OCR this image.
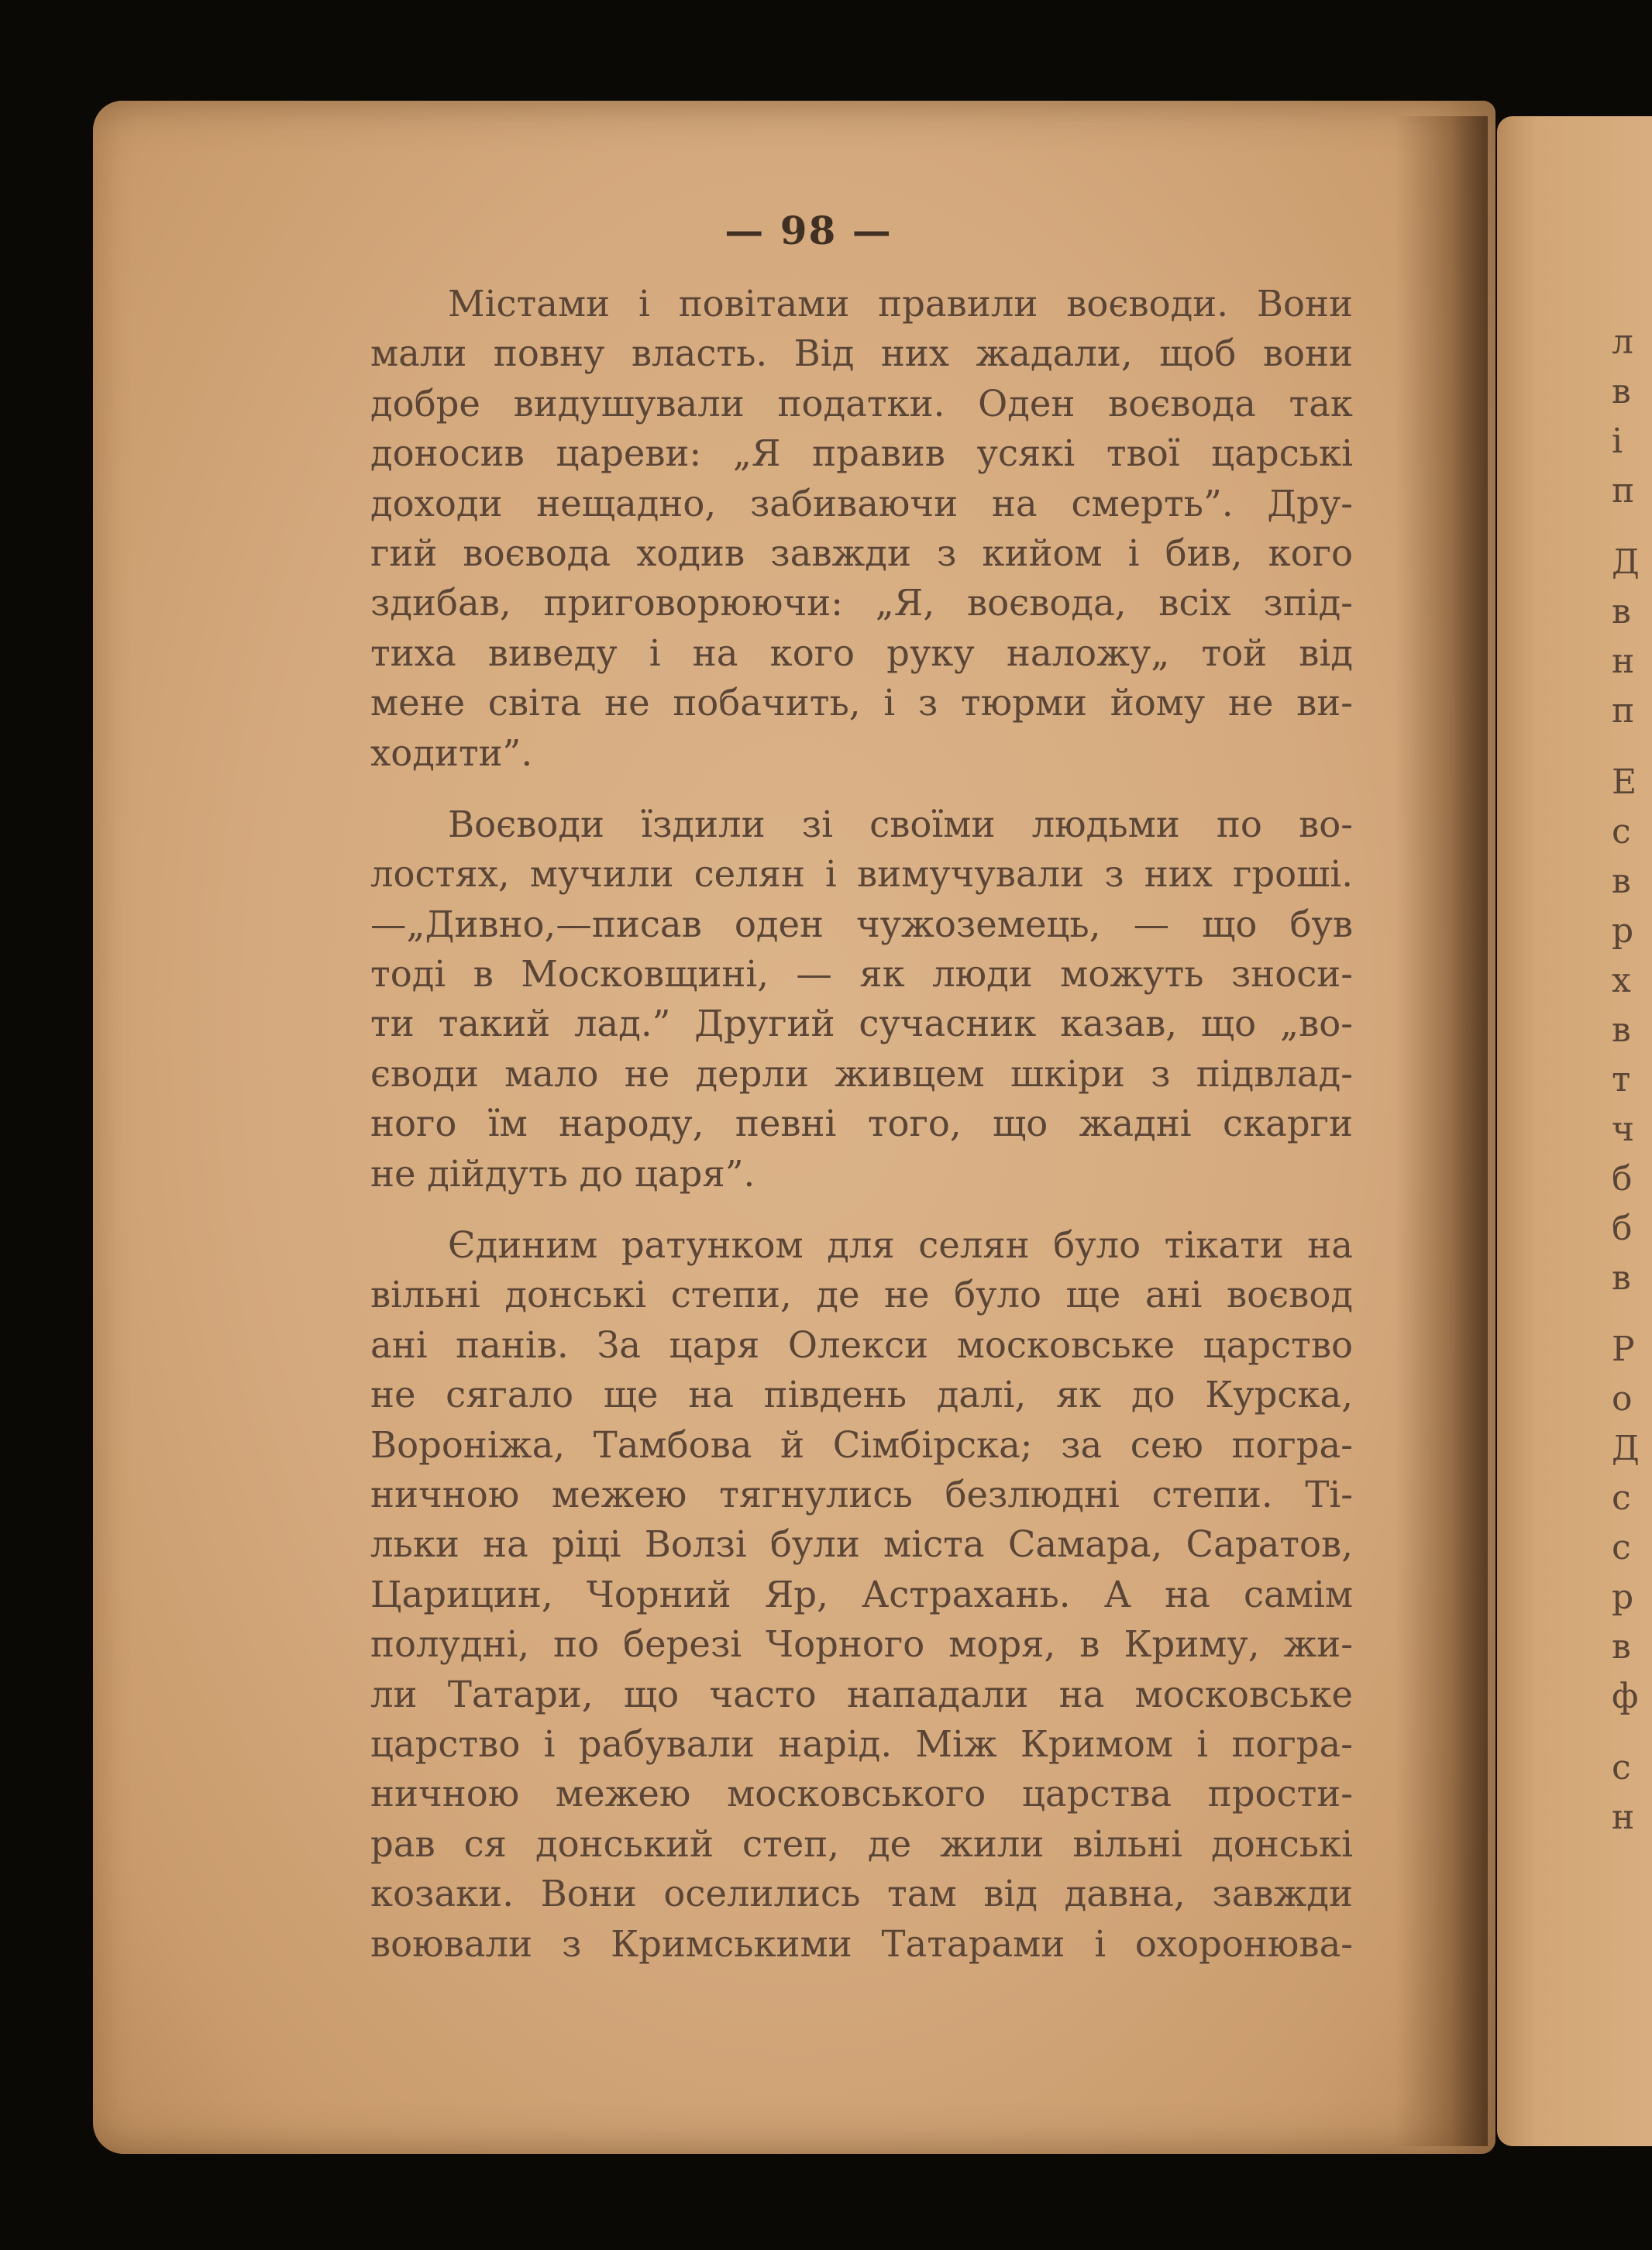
— 98 —
Містами і повітами правили воєводи. Вони
мали повну власть. Від них жадали, щоб вони
добре видушували податки. Оден воєвода так
доносив цареви: „Я правив усякі твої царські
доходи нещадно, забиваючи на смерть”. Дру-
гий воєвода ходив завжди з кийом і бив, кого
здибав, приговорюючи: „Я, воєвода, всіх зпід-
тиха виведу і на кого руку наложу„ той від
мене світа не побачить, і з тюрми йому не ви-
ходити”.
Воєводи їздили зі своїми людьми по во-
лостях, мучили селян і вимучували з них гроші.
—„Дивно,—писав оден чужоземець, — що був
тоді в Московщині, — як люди можуть зноси-
ти такий лад.” Другий сучасник казав, що „во-
єводи мало не дерли живцем шкіри з підвлад-
ного їм народу, певні того, що жадні скарги
не дійдуть до царя”.
Єдиним ратунком для селян було тікати на
вільні донські степи, де не було ще ані воєвод
ані панів. За царя Олекси московське царство
не сягало ще на південь далі, як до Курска,
Вороніжа, Тамбова й Сімбірска; за сею погра-
ничною межею тягнулись безлюдні степи. Ті-
льки на ріці Волзі були міста Самара, Саратов,
Царицин, Чорний Яр, Астрахань. А на самім
полудні, по березі Чорного моря, в Криму, жи-
ли Татари, що часто нападали на московське
царство і рабували нарід. Між Кримом і погра-
ничною межею московського царства прости-
рав ся донський степ, де жили вільні донські
козаки. Вони оселились там від давна, завжди
воювали з Кримськими Татарами і охоронюва-
л
в
і
п
Д
в
н
п
Е
с
в
р
х
в
т
ч
б
б
в
Р
о
Д
с
с
р
в
ф
с
н
